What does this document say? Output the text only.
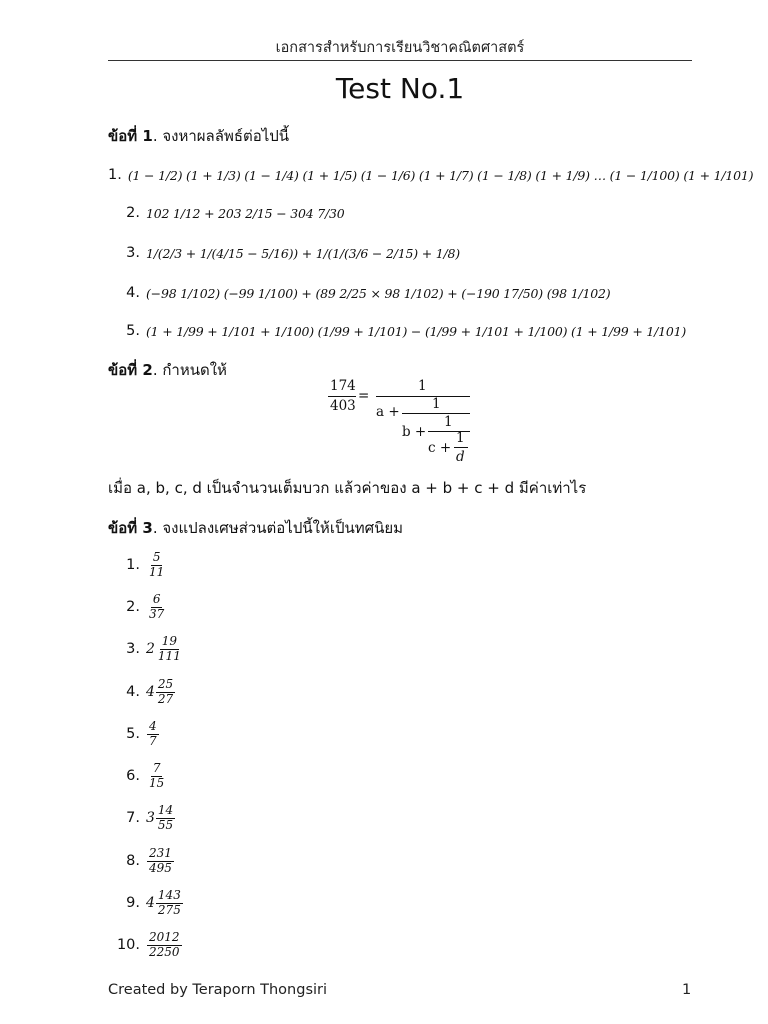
เอกสารสำหรับการเรียนวิชาคณิตศาสตร์
Test No.1
ข้อที่ 1. จงหาผลลัพธ์ต่อไปนี้
1. (1 − 1/2) (1 + 1/3) (1 − 1/4) (1 + 1/5) (1 − 1/6) (1 + 1/7) (1 − 1/8) (1 + 1/9) … (1 − 1/100) (1 + 1/101)
2. 102 1/12 + 203 2/15 − 304 7/30
3. 1/(2/3 + 1/(4/15 − 5/16)) + 1/(1/(3/6 − 2/15) + 1/8)
4. (−98 1/102) (−99 1/100) + (89 2/25 × 98 1/102) + (−190 17/50) (98 1/102)
5. (1 + 1/99 + 1/101 + 1/100) (1/99 + 1/101) − (1/99 + 1/101 + 1/100) (1 + 1/99 + 1/101)
ข้อที่ 2. กำหนดให้
174
403
=
1
a + 1
b +
1
c +
1
d
เมื่อ a, b, c, d เป็นจำนวนเต็มบวก แล้วค่าของ a + b + c + d มีค่าเท่าไร
ข้อที่ 3. จงแปลงเศษส่วนต่อไปนี้ให้เป็นทศนิยม
1. $\frac{5}{11}$
2. $\frac{6}{37}$
3. $2 \frac{19}{111}$
4. $4 \frac{25}{27}$
5. $\frac{4}{7}$
6. $\frac{7}{15}$
7. $3 \frac{14}{55}$
8. $\frac{231}{495}$
9. $4 \frac{143}{275}$
10. $\frac{2012}{2250}$
Created by Teraporn Thongsiri	1
